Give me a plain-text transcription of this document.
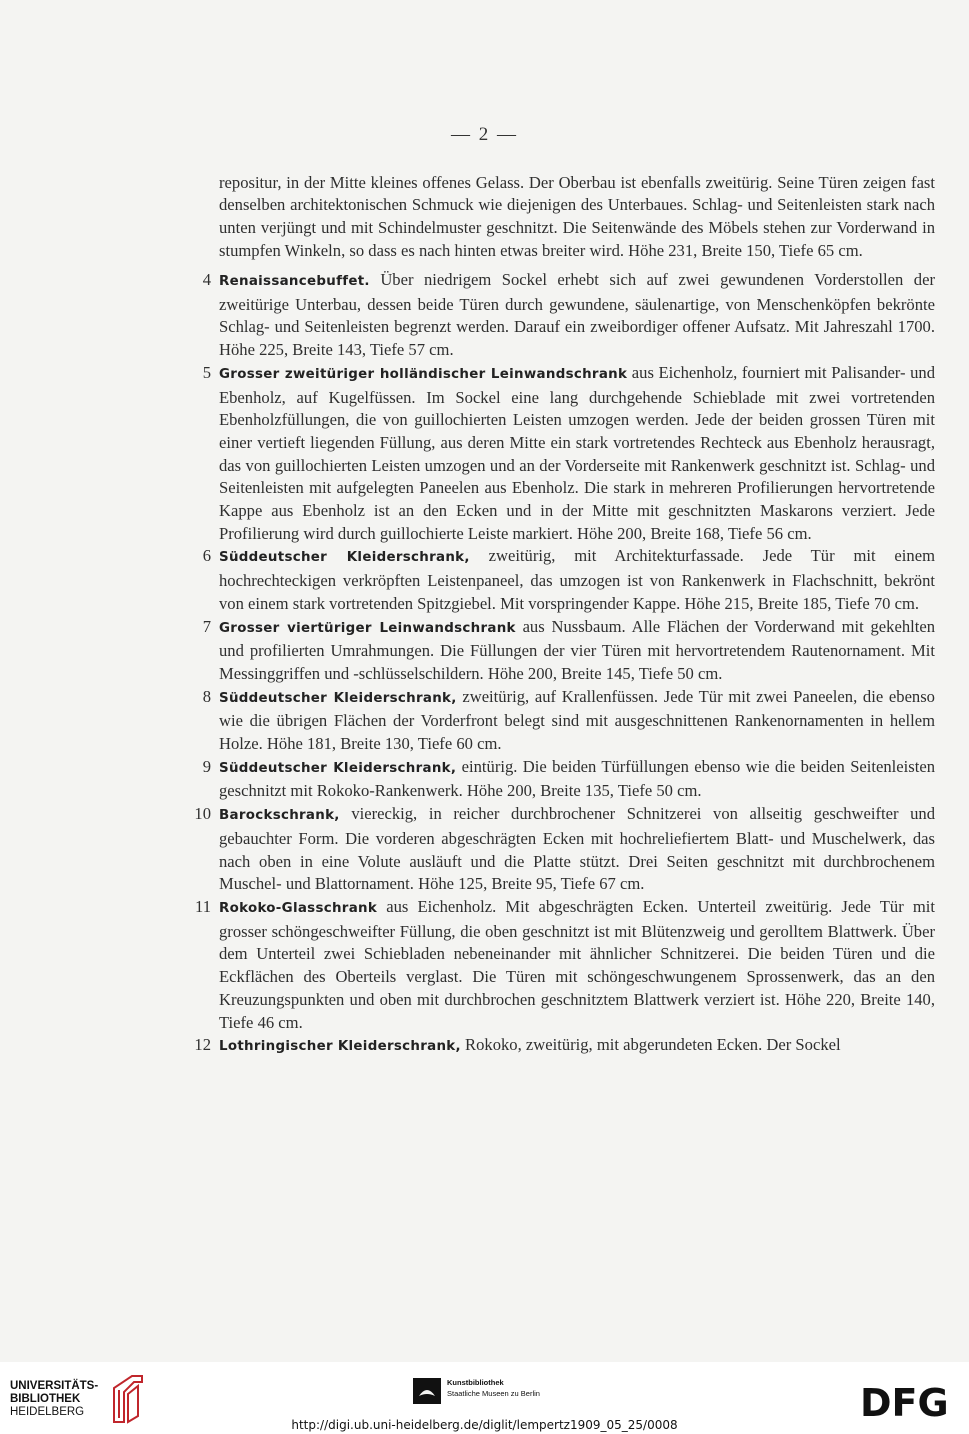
— 2 —

repositur, in der Mitte kleines offenes Gelass. Der Oberbau ist ebenfalls zweitürig. Seine Türen zeigen fast denselben architektonischen Schmuck wie diejenigen des Unterbaues. Schlag- und Seitenleisten stark nach unten verjüngt und mit Schindelmuster geschnitzt. Die Seitenwände des Möbels stehen zur Vorderwand in stumpfen Winkeln, so dass es nach hinten etwas breiter wird. Höhe 231, Breite 150, Tiefe 65 cm.

4 Renaissancebuffet. Über niedrigem Sockel erhebt sich auf zwei gewundenen Vorderstollen der zweitürige Unterbau, dessen beide Türen durch gewundene, säulenartige, von Menschenköpfen bekrönte Schlag- und Seitenleisten begrenzt werden. Darauf ein zweibordiger offener Aufsatz. Mit Jahreszahl 1700. Höhe 225, Breite 143, Tiefe 57 cm.

5 Grosser zweitüriger holländischer Leinwandschrank aus Eichenholz, fourniert mit Palisander- und Ebenholz, auf Kugelfüssen. Im Sockel eine lang durchgehende Schieblade mit zwei vortretenden Ebenholzfüllungen, die von guillochierten Leisten umzogen werden. Jede der beiden grossen Türen mit einer vertieft liegenden Füllung, aus deren Mitte ein stark vortretendes Rechteck aus Ebenholz herausragt, das von guillochierten Leisten umzogen und an der Vorderseite mit Rankenwerk geschnitzt ist. Schlag- und Seitenleisten mit aufgelegten Paneelen aus Ebenholz. Die stark in mehreren Profilierungen hervortretende Kappe aus Ebenholz ist an den Ecken und in der Mitte mit geschnitzten Maskarons verziert. Jede Profilierung wird durch guillochierte Leiste markiert. Höhe 200, Breite 168, Tiefe 56 cm.

6 Süddeutscher Kleiderschrank, zweitürig, mit Architekturfassade. Jede Tür mit einem hochrechteckigen verkröpften Leistenpaneel, das umzogen ist von Rankenwerk in Flachschnitt, bekrönt von einem stark vortretenden Spitzgiebel. Mit vorspringender Kappe. Höhe 215, Breite 185, Tiefe 70 cm.

7 Grosser viertüriger Leinwandschrank aus Nussbaum. Alle Flächen der Vorderwand mit gekehlten und profilierten Umrahmungen. Die Füllungen der vier Türen mit hervortretendem Rautenornament. Mit Messinggriffen und -schlüsselschildern. Höhe 200, Breite 145, Tiefe 50 cm.

8 Süddeutscher Kleiderschrank, zweitürig, auf Krallenfüssen. Jede Tür mit zwei Paneelen, die ebenso wie die übrigen Flächen der Vorderfront belegt sind mit ausgeschnittenen Rankenornamenten in hellem Holze. Höhe 181, Breite 130, Tiefe 60 cm.

9 Süddeutscher Kleiderschrank, eintürig. Die beiden Türfüllungen ebenso wie die beiden Seitenleisten geschnitzt mit Rokoko-Rankenwerk. Höhe 200, Breite 135, Tiefe 50 cm.

10 Barockschrank, viereckig, in reicher durchbrochener Schnitzerei von allseitig geschweifter und gebauchter Form. Die vorderen abgeschrägten Ecken mit hochreliefiertem Blatt- und Muschelwerk, das nach oben in eine Volute ausläuft und die Platte stützt. Drei Seiten geschnitzt mit durchbrochenem Muschel- und Blattornament. Höhe 125, Breite 95, Tiefe 67 cm.

11 Rokoko-Glasschrank aus Eichenholz. Mit abgeschrägten Ecken. Unterteil zweitürig. Jede Tür mit grosser schöngeschweifter Füllung, die oben geschnitzt ist mit Blütenzweig und gerolltem Blattwerk. Über dem Unterteil zwei Schiebladen nebeneinander mit ähnlicher Schnitzerei. Die beiden Türen und die Eckflächen des Oberteils verglast. Die Türen mit schöngeschwungenem Sprossenwerk, das an den Kreuzungspunkten und oben mit durchbrochen geschnitztem Blattwerk verziert ist. Höhe 220, Breite 140, Tiefe 46 cm.

12 Lothringischer Kleiderschrank, Rokoko, zweitürig, mit abgerundeten Ecken. Der Sockel

UNIVERSITÄTS-
BIBLIOTHEK
HEIDELBERG
Kunstbibliothek
Staatliche Museen zu Berlin	DFG
http://digi.ub.uni-heidelberg.de/diglit/lempertz1909_05_25/0008
